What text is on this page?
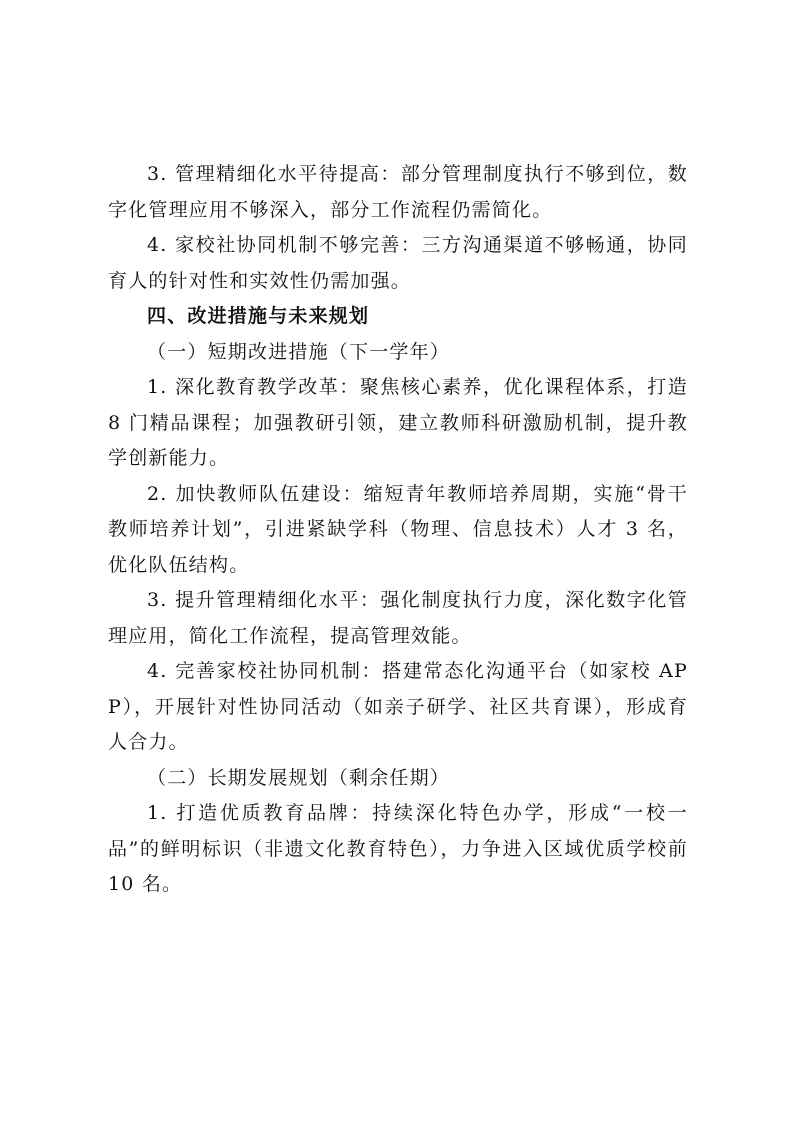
3. 管理精细化水平待提高：部分管理制度执行不够到位，数字化管理应用不够深入，部分工作流程仍需简化。

4. 家校社协同机制不够完善：三方沟通渠道不够畅通，协同育人的针对性和实效性仍需加强。

四、改进措施与未来规划

（一）短期改进措施（下一学年）

1. 深化教育教学改革：聚焦核心素养，优化课程体系，打造 8 门精品课程；加强教研引领，建立教师科研激励机制，提升教学创新能力。

2. 加快教师队伍建设：缩短青年教师培养周期，实施“骨干教师培养计划”，引进紧缺学科（物理、信息技术）人才 3 名，优化队伍结构。

3. 提升管理精细化水平：强化制度执行力度，深化数字化管理应用，简化工作流程，提高管理效能。

4. 完善家校社协同机制：搭建常态化沟通平台（如家校 APP），开展针对性协同活动（如亲子研学、社区共育课），形成育人合力。

（二）长期发展规划（剩余任期）

1. 打造优质教育品牌：持续深化特色办学，形成“一校一品”的鲜明标识（非遗文化教育特色），力争进入区域优质学校前 10 名。
